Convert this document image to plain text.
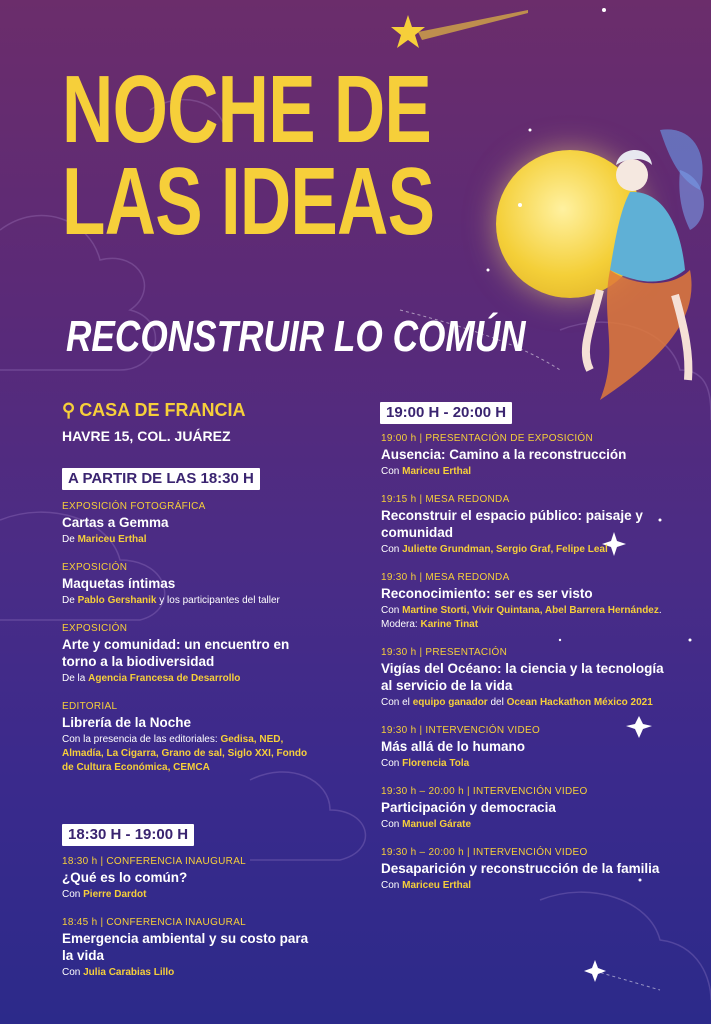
NOCHE DE
LAS IDEAS
RECONSTRUIR LO COMÚN
⚲ CASA DE FRANCIA
HAVRE 15, COL. JUÁREZ
A PARTIR DE LAS 18:30 H
EXPOSICIÓN FOTOGRÁFICA
Cartas a Gemma
De Mariceu Erthal
EXPOSICIÓN
Maquetas íntimas
De Pablo Gershanik y los participantes del taller
EXPOSICIÓN
Arte y comunidad: un encuentro en torno a la biodiversidad
De la Agencia Francesa de Desarrollo
EDITORIAL
Librería de la Noche
Con la presencia de las editoriales: Gedisa, NED, Almadía, La Cigarra, Grano de sal, Siglo XXI, Fondo de Cultura Económica, CEMCA
18:30 H - 19:00 H
18:30 h | CONFERENCIA INAUGURAL
¿Qué es lo común?
Con Pierre Dardot
18:45 h | CONFERENCIA INAUGURAL
Emergencia ambiental y su costo para la vida
Con Julia Carabias Lillo
19:00 H - 20:00 H
19:00 h | PRESENTACIÓN DE EXPOSICIÓN
Ausencia: Camino a la reconstrucción
Con Mariceu Erthal
19:15 h | MESA REDONDA
Reconstruir el espacio público: paisaje y comunidad
Con Juliette Grundman, Sergio Graf, Felipe Leal
19:30 h | MESA REDONDA
Reconocimiento: ser es ser visto
Con Martine Storti, Vivir Quintana, Abel Barrera Hernández. Modera: Karine Tinat
19:30 h | PRESENTACIÓN
Vigías del Océano: la ciencia y la tecnología al servicio de la vida
Con el equipo ganador del Ocean Hackathon México 2021
19:30 h | INTERVENCIÓN VIDEO
Más allá de lo humano
Con Florencia Tola
19:30 h – 20:00 h | INTERVENCIÓN VIDEO
Participación y democracia
Con Manuel Gárate
19:30 h – 20:00 h | INTERVENCIÓN VIDEO
Desaparición y reconstrucción de la familia
Con Mariceu Erthal
